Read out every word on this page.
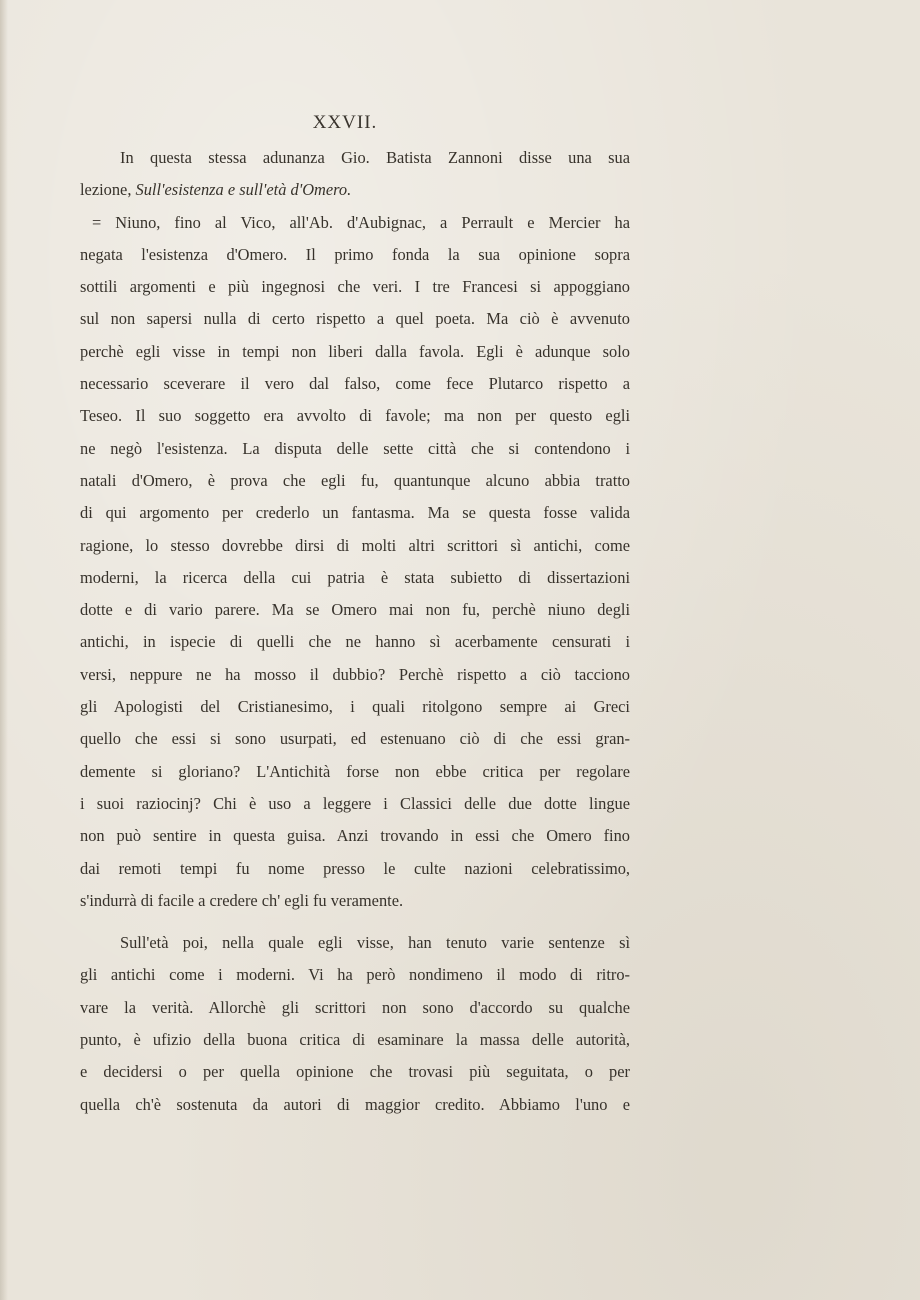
XXVII.
In questa stessa adunanza Gio. Batista Zannoni disse una sua
lezione, Sull'esistenza e sull'età d'Omero.
= Niuno, fino al Vico, all'Ab. d'Aubignac, a Perrault e Mercier ha
negata l'esistenza d'Omero. Il primo fonda la sua opinione sopra
sottili argomenti e più ingegnosi che veri. I tre Francesi si appoggiano
sul non sapersi nulla di certo rispetto a quel poeta. Ma ciò è avvenuto
perchè egli visse in tempi non liberi dalla favola. Egli è adunque solo
necessario sceverare il vero dal falso, come fece Plutarco rispetto a
Teseo. Il suo soggetto era avvolto di favole; ma non per questo egli
ne negò l'esistenza. La disputa delle sette città che si contendono i
natali d'Omero, è prova che egli fu, quantunque alcuno abbia tratto
di qui argomento per crederlo un fantasma. Ma se questa fosse valida
ragione, lo stesso dovrebbe dirsi di molti altri scrittori sì antichi, come
moderni, la ricerca della cui patria è stata subietto di dissertazioni
dotte e di vario parere. Ma se Omero mai non fu, perchè niuno degli
antichi, in ispecie di quelli che ne hanno sì acerbamente censurati i
versi, neppure ne ha mosso il dubbio? Perchè rispetto a ciò tacciono
gli Apologisti del Cristianesimo, i quali ritolgono sempre ai Greci
quello che essi si sono usurpati, ed estenuano ciò di che essi gran-
demente si gloriano? L'Antichità forse non ebbe critica per regolare
i suoi raziocinj? Chi è uso a leggere i Classici delle due dotte lingue
non può sentire in questa guisa. Anzi trovando in essi che Omero fino
dai remoti tempi fu nome presso le culte nazioni celebratissimo,
s'indurrà di facile a credere ch' egli fu veramente.
Sull'età poi, nella quale egli visse, han tenuto varie sentenze sì
gli antichi come i moderni. Vi ha però nondimeno il modo di ritro-
vare la verità. Allorchè gli scrittori non sono d'accordo su qualche
punto, è ufizio della buona critica di esaminare la massa delle autorità,
e decidersi o per quella opinione che trovasi più seguitata, o per
quella ch'è sostenuta da autori di maggior credito. Abbiamo l'uno e
